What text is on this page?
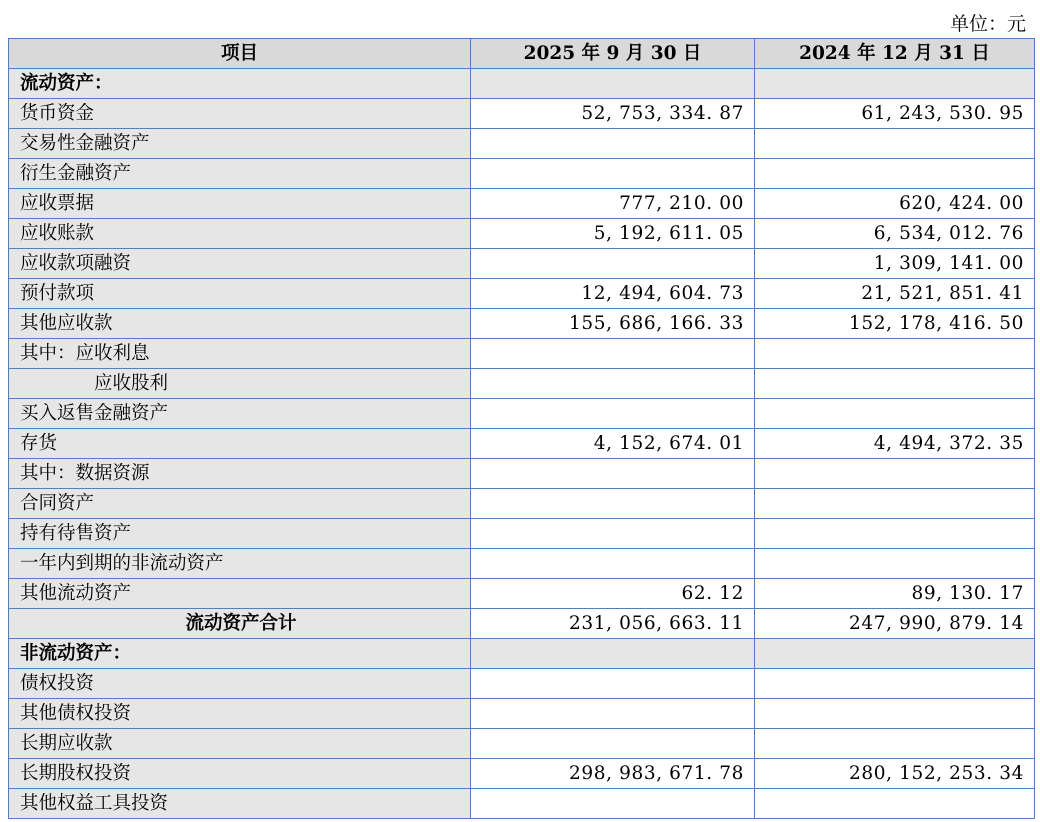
单位：元
项目	2025 年 9 月 30 日	2024 年 12 月 31 日
流动资产：		
货币资金	52, 753, 334. 87	61, 243, 530. 95
交易性金融资产		
衍生金融资产		
应收票据	777, 210. 00	620, 424. 00
应收账款	5, 192, 611. 05	6, 534, 012. 76
应收款项融资		1, 309, 141. 00
预付款项	12, 494, 604. 73	21, 521, 851. 41
其他应收款	155, 686, 166. 33	152, 178, 416. 50
其中：应收利息		
应收股利		
买入返售金融资产		
存货	4, 152, 674. 01	4, 494, 372. 35
其中：数据资源		
合同资产		
持有待售资产		
一年内到期的非流动资产		
其他流动资产	62. 12	89, 130. 17
流动资产合计	231, 056, 663. 11	247, 990, 879. 14
非流动资产：		
债权投资		
其他债权投资		
长期应收款		
长期股权投资	298, 983, 671. 78	280, 152, 253. 34
其他权益工具投资		
